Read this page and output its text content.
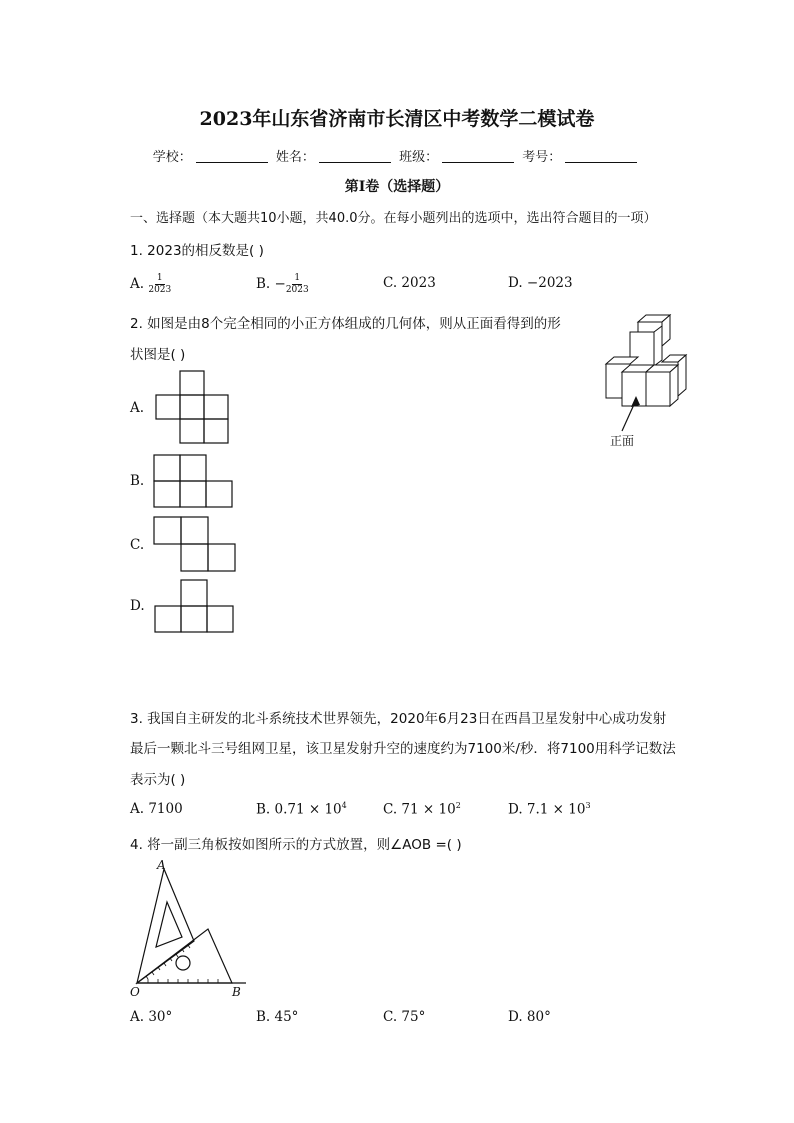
2023年山东省济南市长清区中考数学二模试卷
学校：	姓名：	班级：	考号：
第I卷（选择题）
一、选择题（本大题共10小题，共40.0分。在每小题列出的选项中，选出符合题目的一项）
1. 2023的相反数是( )
A. $\frac{1}{2023}$	B. − $\frac{1}{2023}$	C. 2023	D. −2023
2. 如图是由8个完全相同的小正方体组成的几何体，则从正面看得到的形
状图是( )
正面
A.
B.
C.
D.
3. 我国自主研发的北斗系统技术世界领先，2020年6月23日在西昌卫星发射中心成功发射
最后一颗北斗三号组网卫星，该卫星发射升空的速度约为7100米/秒．将7100用科学记数法
表示为( )
A. 7100	B. $0.71 \times 10^4$	C. $71 \times 10^2$	D. $7.1 \times 10^3$
4. 将一副三角板按如图所示的方式放置，则∠AOB =( )
A
O	B
A. 30°	B. 45°	C. 75°	D. 80°
